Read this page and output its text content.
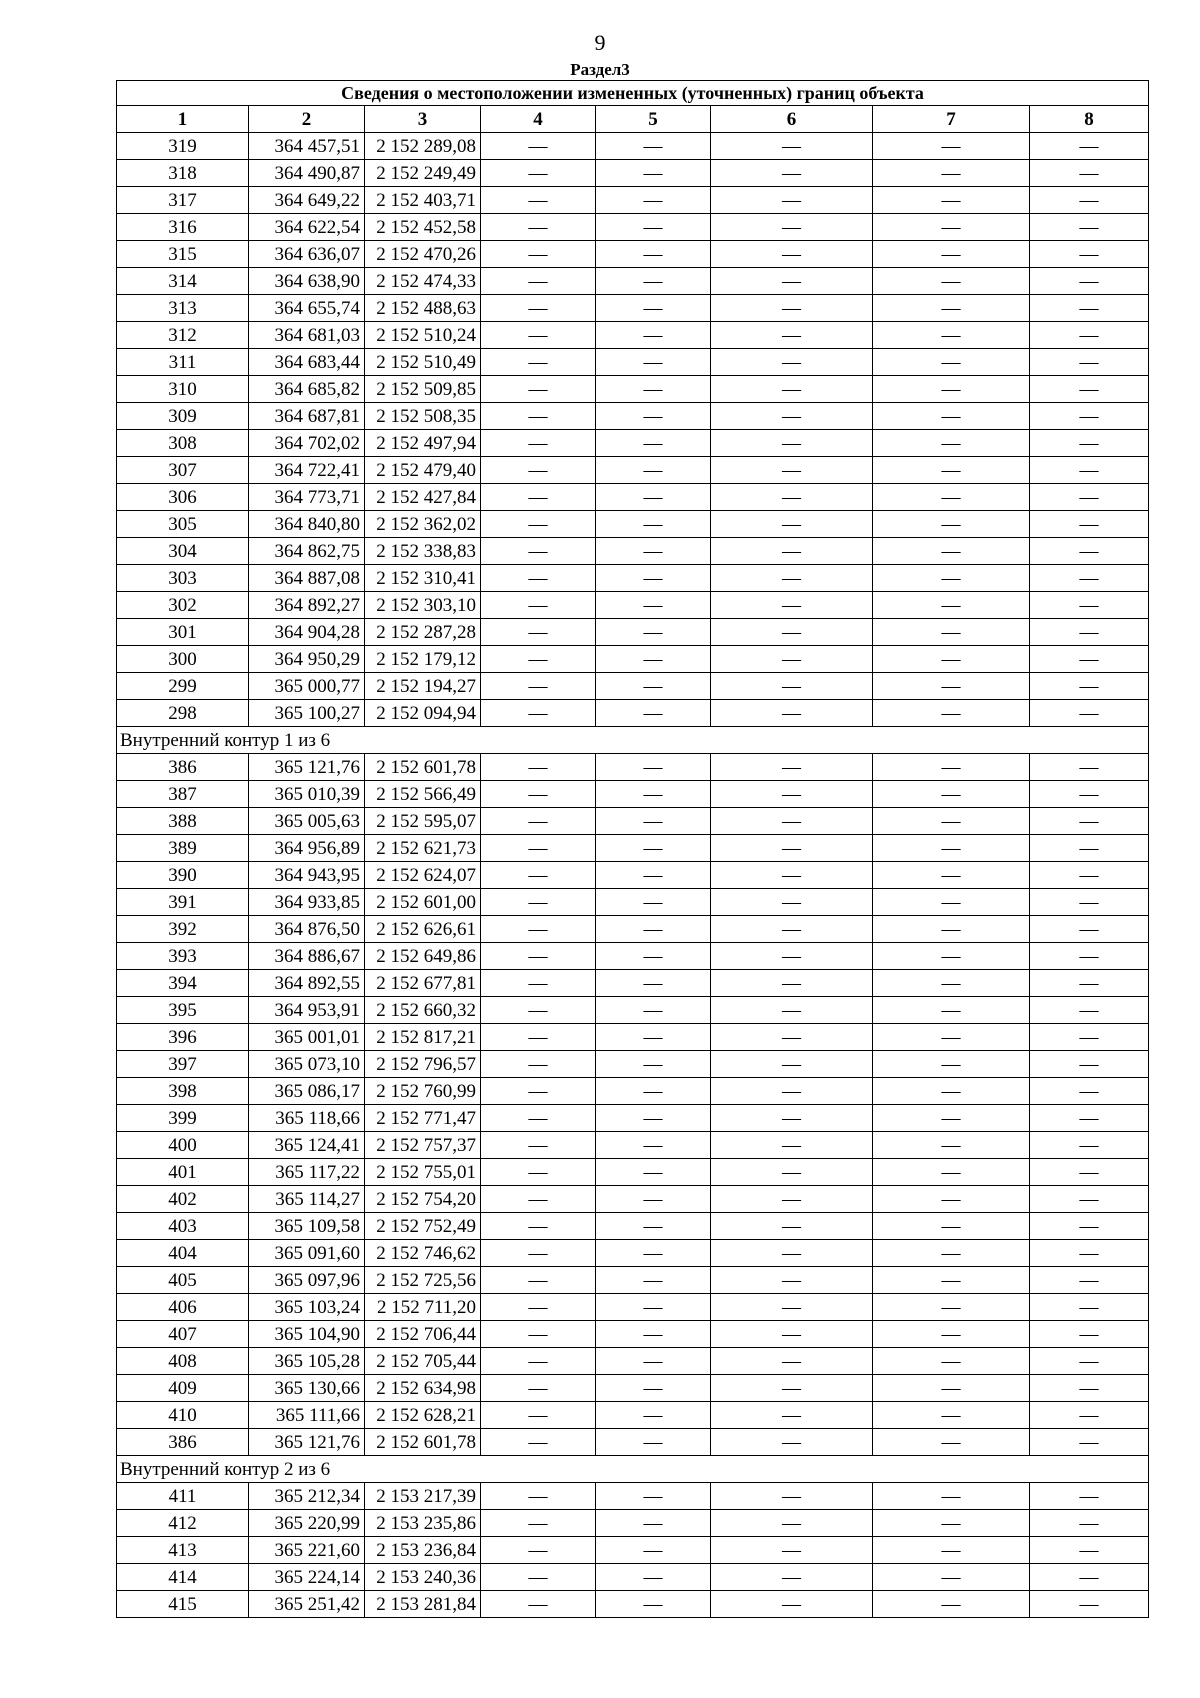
9
Раздел3
Сведения о местоположении измененных (уточненных) границ объекта							
1	2	3	4	5	6	7	8
319	364 457,51	2 152 289,08	—	—	—	—	—
318	364 490,87	2 152 249,49	—	—	—	—	—
317	364 649,22	2 152 403,71	—	—	—	—	—
316	364 622,54	2 152 452,58	—	—	—	—	—
315	364 636,07	2 152 470,26	—	—	—	—	—
314	364 638,90	2 152 474,33	—	—	—	—	—
313	364 655,74	2 152 488,63	—	—	—	—	—
312	364 681,03	2 152 510,24	—	—	—	—	—
311	364 683,44	2 152 510,49	—	—	—	—	—
310	364 685,82	2 152 509,85	—	—	—	—	—
309	364 687,81	2 152 508,35	—	—	—	—	—
308	364 702,02	2 152 497,94	—	—	—	—	—
307	364 722,41	2 152 479,40	—	—	—	—	—
306	364 773,71	2 152 427,84	—	—	—	—	—
305	364 840,80	2 152 362,02	—	—	—	—	—
304	364 862,75	2 152 338,83	—	—	—	—	—
303	364 887,08	2 152 310,41	—	—	—	—	—
302	364 892,27	2 152 303,10	—	—	—	—	—
301	364 904,28	2 152 287,28	—	—	—	—	—
300	364 950,29	2 152 179,12	—	—	—	—	—
299	365 000,77	2 152 194,27	—	—	—	—	—
298	365 100,27	2 152 094,94	—	—	—	—	—
Внутренний контур 1 из 6							
386	365 121,76	2 152 601,78	—	—	—	—	—
387	365 010,39	2 152 566,49	—	—	—	—	—
388	365 005,63	2 152 595,07	—	—	—	—	—
389	364 956,89	2 152 621,73	—	—	—	—	—
390	364 943,95	2 152 624,07	—	—	—	—	—
391	364 933,85	2 152 601,00	—	—	—	—	—
392	364 876,50	2 152 626,61	—	—	—	—	—
393	364 886,67	2 152 649,86	—	—	—	—	—
394	364 892,55	2 152 677,81	—	—	—	—	—
395	364 953,91	2 152 660,32	—	—	—	—	—
396	365 001,01	2 152 817,21	—	—	—	—	—
397	365 073,10	2 152 796,57	—	—	—	—	—
398	365 086,17	2 152 760,99	—	—	—	—	—
399	365 118,66	2 152 771,47	—	—	—	—	—
400	365 124,41	2 152 757,37	—	—	—	—	—
401	365 117,22	2 152 755,01	—	—	—	—	—
402	365 114,27	2 152 754,20	—	—	—	—	—
403	365 109,58	2 152 752,49	—	—	—	—	—
404	365 091,60	2 152 746,62	—	—	—	—	—
405	365 097,96	2 152 725,56	—	—	—	—	—
406	365 103,24	2 152 711,20	—	—	—	—	—
407	365 104,90	2 152 706,44	—	—	—	—	—
408	365 105,28	2 152 705,44	—	—	—	—	—
409	365 130,66	2 152 634,98	—	—	—	—	—
410	365 111,66	2 152 628,21	—	—	—	—	—
386	365 121,76	2 152 601,78	—	—	—	—	—
Внутренний контур 2 из 6							
411	365 212,34	2 153 217,39	—	—	—	—	—
412	365 220,99	2 153 235,86	—	—	—	—	—
413	365 221,60	2 153 236,84	—	—	—	—	—
414	365 224,14	2 153 240,36	—	—	—	—	—
415	365 251,42	2 153 281,84	—	—	—	—	—
